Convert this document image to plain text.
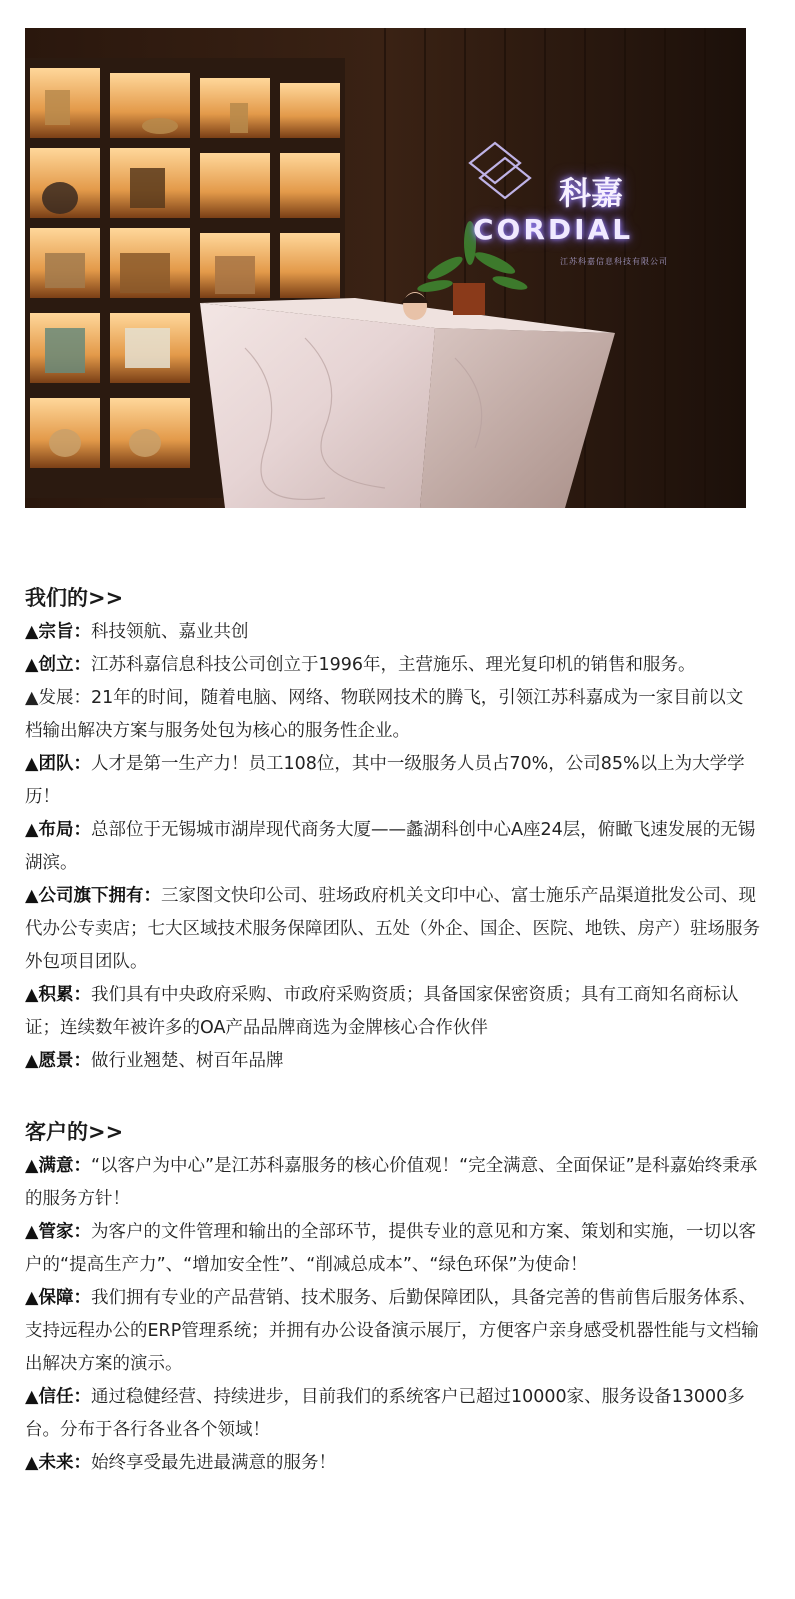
科嘉
CORDIAL
江苏科嘉信息科技有限公司
我们的>>

▲宗旨：科技领航、嘉业共创

▲创立：江苏科嘉信息科技公司创立于1996年，主营施乐、理光复印机的销售和服务。

▲发展：21年的时间，随着电脑、网络、物联网技术的腾飞，引领江苏科嘉成为一家目前以文档输出解决方案与服务处包为核心的服务性企业。

▲团队：人才是第一生产力！员工108位，其中一级服务人员占70%，公司85%以上为大学学历！

▲布局：总部位于无锡城市湖岸现代商务大厦——蠡湖科创中心A座24层，俯瞰飞速发展的无锡湖滨。

▲公司旗下拥有：三家图文快印公司、驻场政府机关文印中心、富士施乐产品渠道批发公司、现代办公专卖店；七大区域技术服务保障团队、五处（外企、国企、医院、地铁、房产）驻场服务外包项目团队。

▲积累：我们具有中央政府采购、市政府采购资质；具备国家保密资质；具有工商知名商标认证；连续数年被许多的OA产品品牌商选为金牌核心合作伙伴

▲愿景：做行业翘楚、树百年品牌

客户的>>

▲满意：“以客户为中心”是江苏科嘉服务的核心价值观！“完全满意、全面保证”是科嘉始终秉承的服务方针！

▲管家：为客户的文件管理和输出的全部环节，提供专业的意见和方案、策划和实施，一切以客户的“提高生产力”、“增加安全性”、“削减总成本”、“绿色环保”为使命！

▲保障：我们拥有专业的产品营销、技术服务、后勤保障团队，具备完善的售前售后服务体系、支持远程办公的ERP管理系统；并拥有办公设备演示展厅，方便客户亲身感受机器性能与文档输出解决方案的演示。

▲信任：通过稳健经营、持续进步，目前我们的系统客户已超过10000家、服务设备13000多台。分布于各行各业各个领域！

▲未来：始终享受最先进最满意的服务！
